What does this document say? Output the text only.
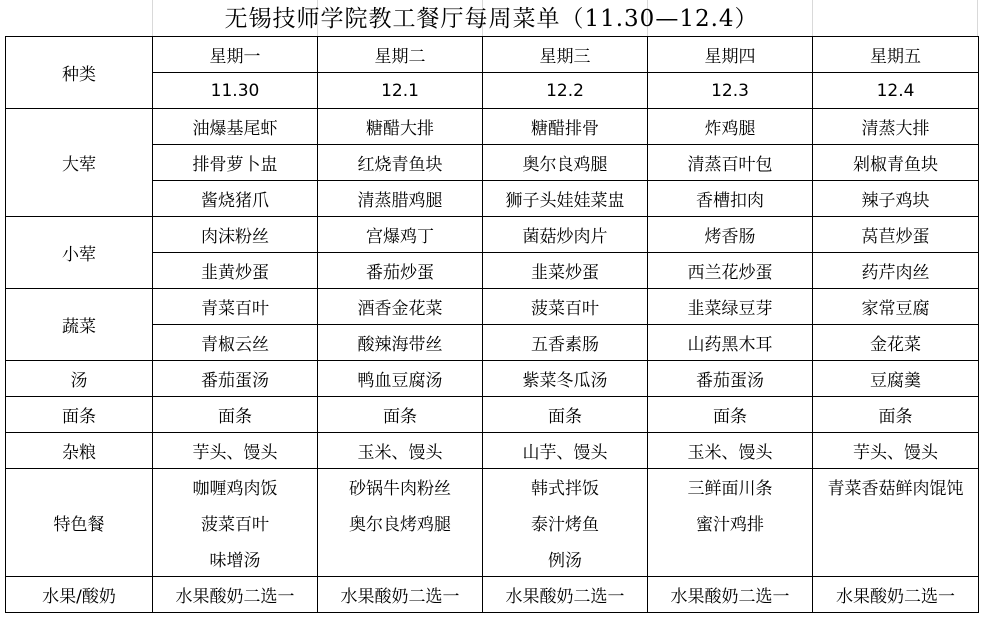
无锡技师学院教工餐厅每周菜单（11.30—12.4）
种类	星期一	星期二	星期三	星期四	星期五
	11.30	12.1	12.2	12.3	12.4
大荤	油爆基尾虾	糖醋大排	糖醋排骨	炸鸡腿	清蒸大排
	排骨萝卜盅	红烧青鱼块	奥尔良鸡腿	清蒸百叶包	剁椒青鱼块
	酱烧猪爪	清蒸腊鸡腿	狮子头娃娃菜盅	香槽扣肉	辣子鸡块
小荤	肉沫粉丝	宫爆鸡丁	菌菇炒肉片	烤香肠	莴苣炒蛋
	韭黄炒蛋	番茄炒蛋	韭菜炒蛋	西兰花炒蛋	药芹肉丝
蔬菜	青菜百叶	酒香金花菜	菠菜百叶	韭菜绿豆芽	家常豆腐
	青椒云丝	酸辣海带丝	五香素肠	山药黑木耳	金花菜
汤	番茄蛋汤	鸭血豆腐汤	紫菜冬瓜汤	番茄蛋汤	豆腐羹
面条	面条	面条	面条	面条	面条
杂粮	芋头、馒头	玉米、馒头	山芋、馒头	玉米、馒头	芋头、馒头
特色餐	咖喱鸡肉饭	砂锅牛肉粉丝	韩式拌饭	三鲜面川条	青菜香菇鲜肉馄饨
	菠菜百叶	奥尔良烤鸡腿	泰汁烤鱼	蜜汁鸡排	
	味增汤		例汤		
水果/酸奶	水果酸奶二选一	水果酸奶二选一	水果酸奶二选一	水果酸奶二选一	水果酸奶二选一
